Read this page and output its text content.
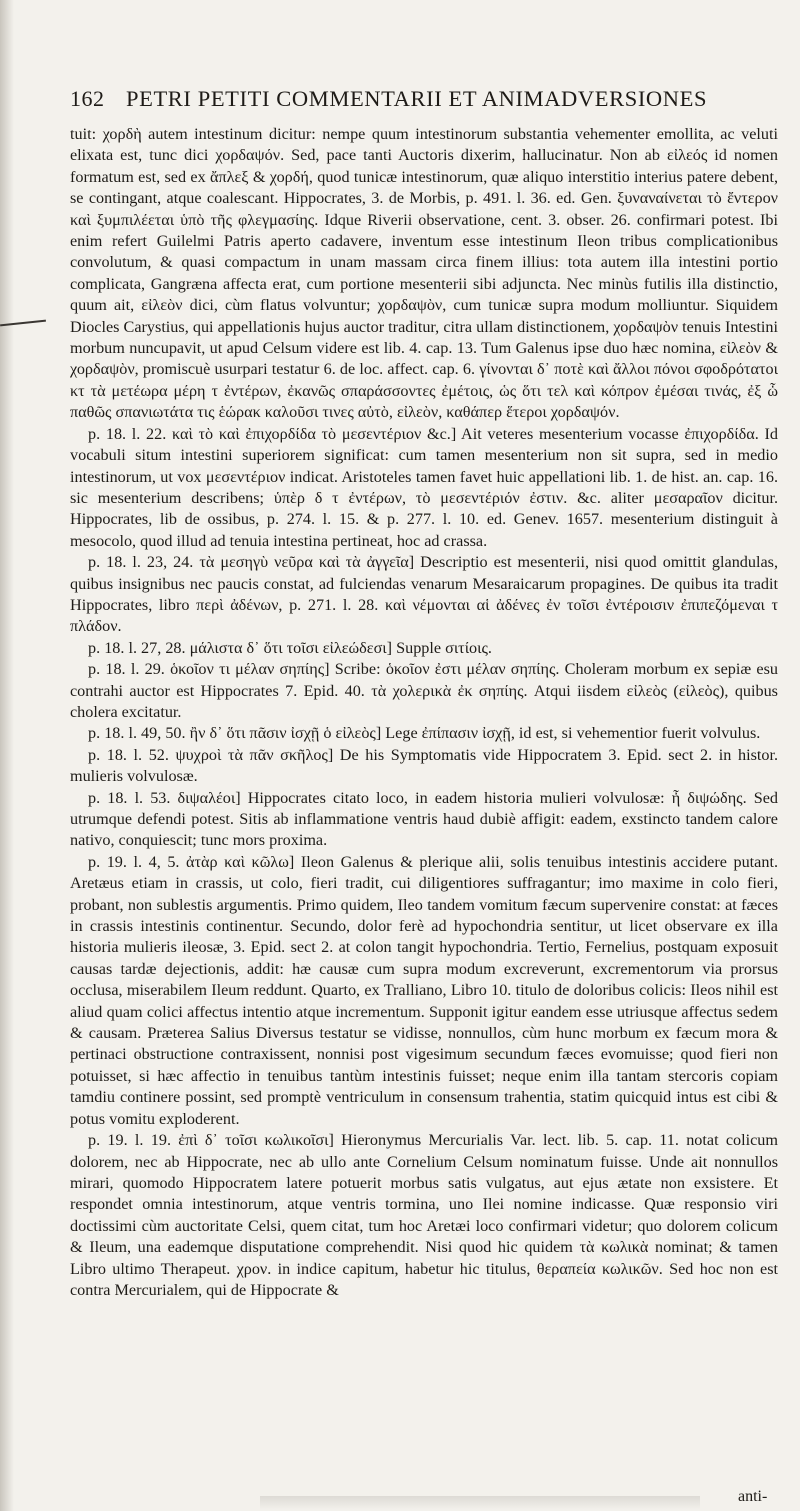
162 PETRI PETITI COMMENTARII ET ANIMADVERSIONES

tuit: χορδὴ autem intestinum dicitur: nempe quum intestinorum substantia vehementer emollita, ac veluti elixata est, tunc dici χορδαψόν. Sed, pace tanti Auctoris dixerim, hallucinatur. Non ab εἰλεός id nomen formatum est, sed ex ἄπλεξ & χορδή, quod tunicæ intestinorum, quæ aliquo interstitio interius patere debent, se contingant, atque coalescant. Hippocrates, 3. de Morbis, p. 491. l. 36. ed. Gen. ξυναναίνεται τὸ ἔντερον καὶ ξυμπιλέεται ὑπὸ τῆς φλεγμασίης. Idque Riverii observatione, cent. 3. obser. 26. confirmari potest. Ibi enim refert Guilelmi Patris aperto cadavere, inventum esse intestinum Ileon tribus complicationibus convolutum, & quasi compactum in unam massam circa finem illius: tota autem illa intestini portio complicata, Gangræna affecta erat, cum portione mesenterii sibi adjuncta. Nec minùs futilis illa distinctio, quum ait, εἰλεὸν dici, cùm flatus volvuntur; χορδαψὸν, cum tunicæ supra modum molliuntur. Siquidem Diocles Carystius, qui appellationis hujus auctor traditur, citra ullam distinctionem, χορδαψὸν tenuis Intestini morbum nuncupavit, ut apud Celsum videre est lib. 4. cap. 13. Tum Galenus ipse duo hæc nomina, εἰλεὸν & χορδαψὸν, promiscuè usurpari testatur 6. de loc. affect. cap. 6. γίνονται δ᾽ ποτὲ καὶ ἄλλοι πόνοι σφοδρότατοι κτ τὰ μετέωρα μέρη τ ἐντέρων, ἐκανῶς σπαράσσοντες ἐμέτοις, ὡς ὅτι τελ καὶ κόπρον ἐμέσαι τινάς, ἐξ ὧ παθῶς σπανιωτάτα τις ἑώρακ καλοῦσι τινες αὐτὸ, εἰλεὸν, καθάπερ ἕτεροι χορδαψόν.

p. 18. l. 22. καὶ τὸ καὶ ἐπιχορδίδα τὸ μεσεντέριον &c.] Ait veteres mesenterium vocasse ἐπιχορδίδα. Id vocabuli situm intestini superiorem significat: cum tamen mesenterium non sit supra, sed in medio intestinorum, ut vox μεσεντέριον indicat. Aristoteles tamen favet huic appellationi lib. 1. de hist. an. cap. 16. sic mesenterium describens; ὑπὲρ δ τ ἐντέρων, τὸ μεσεντέριόν ἐστιν. &c. aliter μεσαραῖον dicitur. Hippocrates, lib de ossibus, p. 274. l. 15. & p. 277. l. 10. ed. Genev. 1657. mesenterium distinguit à mesocolo, quod illud ad tenuia intestina pertineat, hoc ad crassa.

p. 18. l. 23, 24. τὰ μεσηγὺ νεῦρα καὶ τὰ ἀγγεῖα] Descriptio est mesenterii, nisi quod omittit glandulas, quibus insignibus nec paucis constat, ad fulciendas venarum Mesaraicarum propagines. De quibus ita tradit Hippocrates, libro περὶ ἀδένων, p. 271. l. 28. καὶ νέμονται αἱ ἀδένες ἐν τοῖσι ἐντέροισιν ἐπιπεζόμεναι τ πλάδον.

p. 18. l. 27, 28. μάλιστα δ᾽ ὅτι τοῖσι εἰλεώδεσι] Supple σιτίοις.

p. 18. l. 29. ὁκοῖον τι μέλαν σηπίης] Scribe: ὁκοῖον ἐστι μέλαν σηπίης. Choleram morbum ex sepiæ esu contrahi auctor est Hippocrates 7. Epid. 40. τὰ χολερικὰ ἐκ σηπίης. Atqui iisdem εἰλεὸς (εἰλεὸς), quibus cholera excitatur.

p. 18. l. 49, 50. ἢν δ᾽ ὅτι πᾶσιν ἰσχῇ ὁ εἰλεὸς] Lege ἐπίπασιν ἰσχῇ, id est, si vehementior fuerit volvulus.

p. 18. l. 52. ψυχροὶ τὰ πᾶν σκῆλος] De his Symptomatis vide Hippocratem 3. Epid. sect 2. in histor. mulieris volvulosæ.

p. 18. l. 53. διψαλέοι] Hippocrates citato loco, in eadem historia mulieri volvulosæ: ἦ διψώδης. Sed utrumque defendi potest. Sitis ab inflammatione ventris haud dubiè affigit: eadem, exstincto tandem calore nativo, conquiescit; tunc mors proxima.

p. 19. l. 4, 5. ἀτὰρ καὶ κῶλω] Ileon Galenus & plerique alii, solis tenuibus intestinis accidere putant. Aretæus etiam in crassis, ut colo, fieri tradit, cui diligentiores suffragantur; imo maxime in colo fieri, probant, non sublestis argumentis. Primo quidem, Ileo tandem vomitum fæcum supervenire constat: at fæces in crassis intestinis continentur. Secundo, dolor ferè ad hypochondria sentitur, ut licet observare ex illa historia mulieris ileosæ, 3. Epid. sect 2. at colon tangit hypochondria. Tertio, Fernelius, postquam exposuit causas tardæ dejectionis, addit: hæ causæ cum supra modum excreverunt, excrementorum via prorsus occlusa, miserabilem Ileum reddunt. Quarto, ex Tralliano, Libro 10. titulo de doloribus colicis: Ileos nihil est aliud quam colici affectus intentio atque incrementum. Supponit igitur eandem esse utriusque affectus sedem & causam. Præterea Salius Diversus testatur se vidisse, nonnullos, cùm hunc morbum ex fæcum mora & pertinaci obstructione contraxissent, nonnisi post vigesimum secundum fæces evomuisse; quod fieri non potuisset, si hæc affectio in tenuibus tantùm intestinis fuisset; neque enim illa tantam stercoris copiam tamdiu continere possint, sed promptè ventriculum in consensum trahentia, statim quicquid intus est cibi & potus vomitu exploderent.

p. 19. l. 19. ἐπὶ δ᾽ τοῖσι κωλικοῖσι] Hieronymus Mercurialis Var. lect. lib. 5. cap. 11. notat colicum dolorem, nec ab Hippocrate, nec ab ullo ante Cornelium Celsum nominatum fuisse. Unde ait nonnullos mirari, quomodo Hippocratem latere potuerit morbus satis vulgatus, aut ejus ætate non exsistere. Et respondet omnia intestinorum, atque ventris tormina, uno Ilei nomine indicasse. Quæ responsio viri doctissimi cùm auctoritate Celsi, quem citat, tum hoc Aretæi loco confirmari videtur; quo dolorem colicum & Ileum, una eademque disputatione comprehendit. Nisi quod hic quidem τὰ κωλικὰ nominat; & tamen Libro ultimo Therapeut. χρον. in indice capitum, habetur hic titulus, θεραπεία κωλικῶν. Sed hoc non est contra Mercurialem, qui de Hippocrate &

anti-
